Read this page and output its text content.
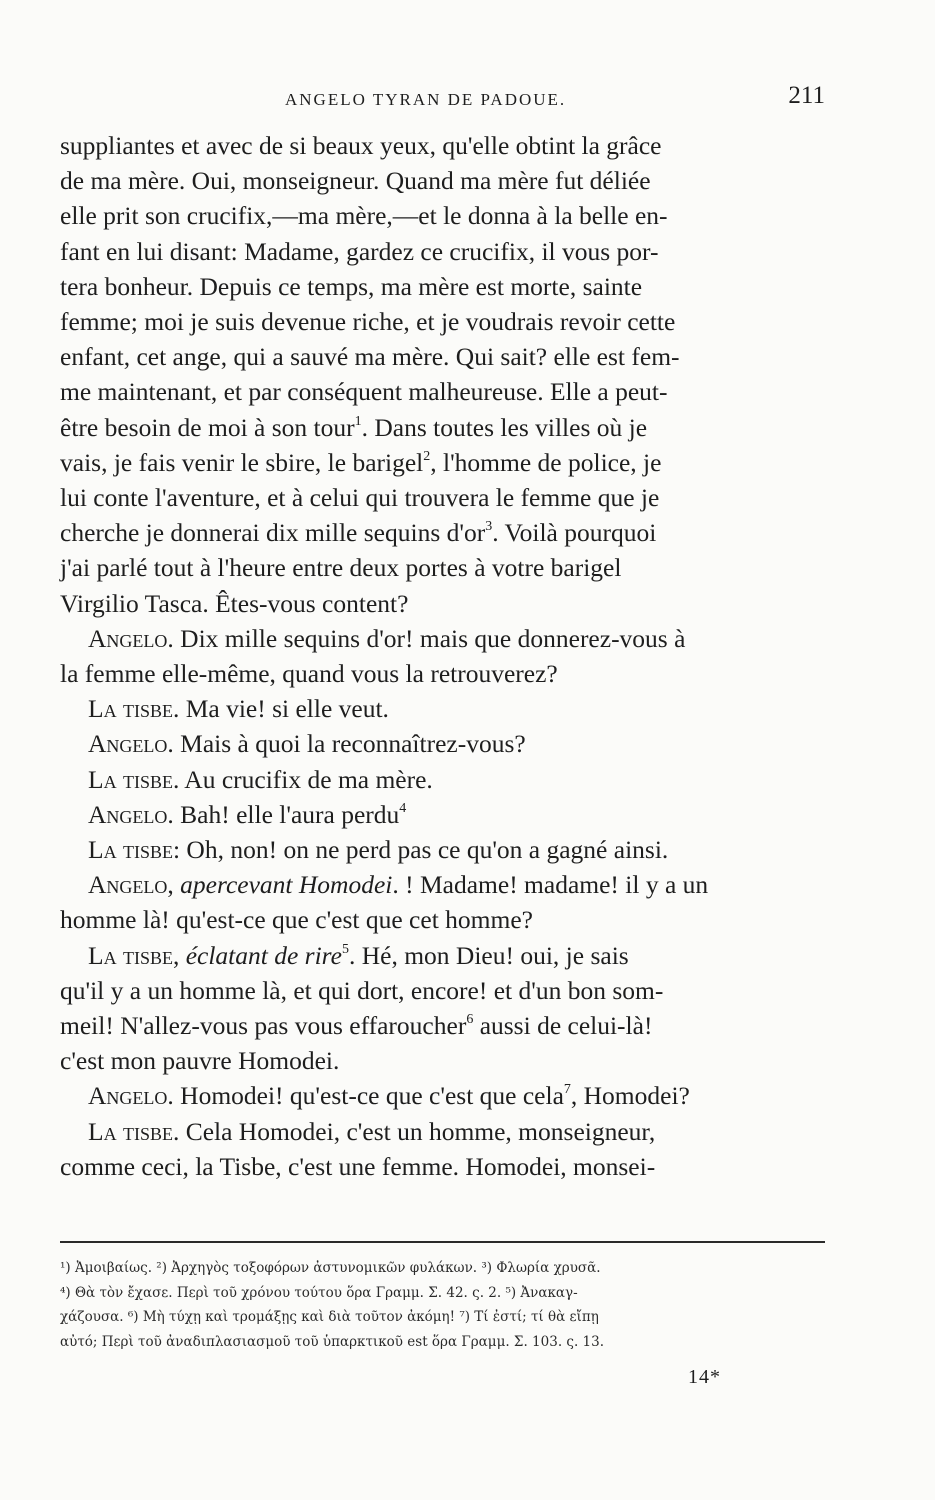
ANGELO TYRAN DE PADOUE.	211
suppliantes et avec de si beaux yeux, qu'elle obtint la grâce
de ma mère. Oui, monseigneur. Quand ma mère fut déliée
elle prit son crucifix,—ma mère,—et le donna à la belle en-
fant en lui disant: Madame, gardez ce crucifix, il vous por-
tera bonheur. Depuis ce temps, ma mère est morte, sainte
femme; moi je suis devenue riche, et je voudrais revoir cette
enfant, cet ange, qui a sauvé ma mère. Qui sait? elle est fem-
me maintenant, et par conséquent malheureuse. Elle a peut-
être besoin de moi à son tour$^1$. Dans toutes les villes où je
vais, je fais venir le sbire, le barigel$^2$, l'homme de police, je
lui conte l'aventure, et à celui qui trouvera le femme que je
cherche je donnerai dix mille sequins $d'or^3$. Voilà pourquoi
j'ai parlé tout à l'heure entre deux portes à votre barigel
Virgilio Tasca. Êtes-vous content?
Angelo. Dix mille sequins d'or! mais que donnerez-vous à
la femme elle-même, quand vous la retrouverez?
La tisbe. Ma vie! si elle veut.
Angelo. Mais à quoi la reconnaîtrez-vous?
La tisbe. Au crucifix de ma mère.
Angelo. Bah! elle l'aura perdu$^4$
La tisbe: Oh, non! on ne perd pas ce qu'on a gagné ainsi.
Angelo, apercevant Homodei. ! Madame! madame! il y a un
homme là! qu'est-ce que c'est que cet homme?
La tisbe, éclatant de rire$^5$. Hé, mon Dieu! oui, je sais
qu'il y a un homme là, et qui dort, encore! et d'un bon som-
meil! N'allez-vous pas vous effaroucher$^6$ aussi de celui-là!
c'est mon pauvre Homodei.
Angelo. Homodei! qu'est-ce que c'est que cela$^7$, Homodei?
La tisbe. Cela Homodei, c'est un homme, monseigneur,
comme ceci, la Tisbe, c'est une femme. Homodei, monsei-
¹) Ἀμοιβαίως. ²) Ἀρχηγὸς τοξοφόρων ἀστυνομικῶν φυλάκων. ³) Φλωρία χρυσᾶ.
⁴) Θὰ τὸν ἔχασε. Περὶ τοῦ χρόνου τούτου ὅρα Γραμμ. Σ. 42. ς. 2. ⁵) Ἀνακαγ-
χάζουσα. ⁶) Μὴ τύχῃ καὶ τρομάξῃς καὶ διὰ τοῦτον ἀκόμη! ⁷) Τί ἐστί; τί θὰ εἴπῃ
αὐτό; Περὶ τοῦ ἀναδιπλασιασμοῦ τοῦ ὑπαρκτικοῦ est ὅρα Γραμμ. Σ. 103. ς. 13.
14*
